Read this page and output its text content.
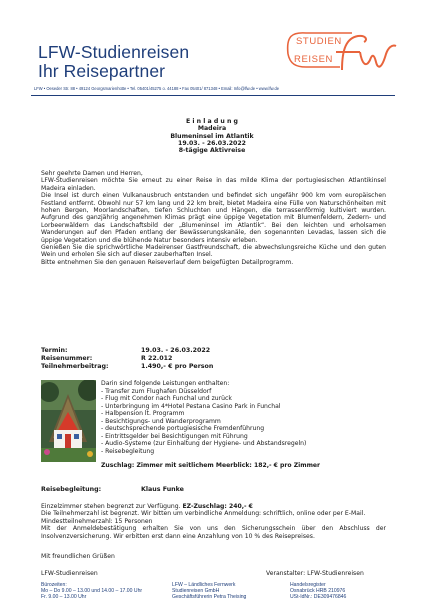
LFW-Studienreisen
Ihr Reisepartner
STUDIEN
REISEN
LFW • Oeseder Str. 88 • 49124 Georgsmarienhütte • Tel. 05401/45275 o. 44188 • Fax 05401/ 871348 • Email: Info@lfw.de • www.lfw.de
E i n l a d u n g
Madeira
Blumeninsel im Atlantik
19.03. - 26.03.2022
8-tägige Aktivreise

Sehr geehrte Damen und Herren,

LFW-Studienreisen möchte Sie erneut zu einer Reise in das milde Klima der portugiesischen Atlantikinsel Madeira einladen.

Die Insel ist durch einen Vulkanausbruch entstanden und befindet sich ungefähr 900 km vom europäischen Festland entfernt. Obwohl nur 57 km lang und 22 km breit, bietet Madeira eine Fülle von Naturschönheiten mit hohen Bergen, Moorlandschaften, tiefen Schluchten und Hängen, die terrassenförmig kultiviert wurden. Aufgrund des ganzjährig angenehmen Klimas prägt eine üppige Vegetation mit Blumenfeldern, Zedern- und Lorbeerwäldern das Landschaftsbild der „Blumeninsel im Atlantik“. Bei den leichten und erholsamen Wanderungen auf den Pfaden entlang der Bewässerungskanäle, den sogenannten Levadas, lassen sich die üppige Vegetation und die blühende Natur besonders intensiv erleben.

Genießen Sie die sprichwörtliche Madeirenser Gastfreundschaft, die abwechslungsreiche Küche und den guten Wein und erholen Sie sich auf dieser zauberhaften Insel.

Bitte entnehmen Sie den genauen Reiseverlauf dem beigefügten Detailprogramm.

Termin:	19.03. - 26.03.2022
Reisenummer:	R 22.012
Teilnehmerbeitrag:	1.490,- € pro Person
Darin sind folgende Leistungen enthalten:
- Transfer zum Flughafen Düsseldorf
- Flug mit Condor nach Funchal und zurück
- Unterbringung im 4*Hotel Pestana Casino Park in Funchal
- Halbpension lt. Programm
- Besichtigungs- und Wanderprogramm
- deutschsprechende portugiesische Fremdenführung
- Eintrittsgelder bei Besichtigungen mit Führung
- Audio-Systeme (zur Einhaltung der Hygiene- und Abstandsregeln)
- Reisebegleitung
Zuschlag: Zimmer mit seitlichem Meerblick: 182,- € pro Zimmer
Reisebegleitung:	Klaus Funke

Einzelzimmer stehen begrenzt zur Verfügung. EZ-Zuschlag: 240,- €

Die Teilnehmerzahl ist begrenzt. Wir bitten um verbindliche Anmeldung: schriftlich, online oder per E-Mail.

Mindestteilnehmerzahl: 15 Personen

Mit der Anmeldebestätigung erhalten Sie von uns den Sicherungsschein über den Abschluss der Insolvenzversicherung. Wir erbitten erst dann eine Anzahlung von 10 % des Reisepreises.

Mit freundlichen Grüßen
LFW-Studienreisen	Veranstalter: LFW-Studienreisen
Bürozeiten:
Mo – Do 9.00 – 13.00 und 14.00 – 17.00 Uhr
Fr. 9.00 – 13.00 Uhr
LFW – Ländliches Fernwerk
Studienreisen GmbH
Geschäftsführerin Petra Theising
Handelsregister
Osnabrück HRB 210976
USt-IdNr.: DE309476846
